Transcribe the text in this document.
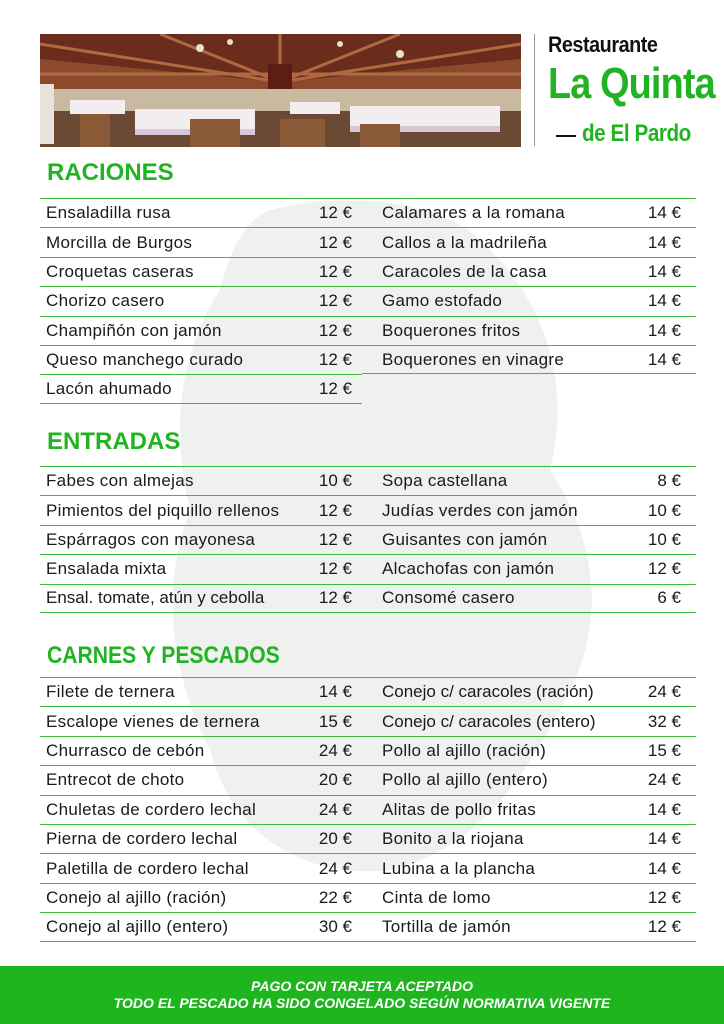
Restaurante
La Quinta
de El Pardo
RACIONES
Ensaladilla rusa	12 €
Morcilla de Burgos	12 €
Croquetas caseras	12 €
Chorizo casero	12 €
Champiñón con jamón	12 €
Queso manchego curado	12 €
Lacón ahumado	12 €
Calamares a la romana	14 €
Callos a la madrileña	14 €
Caracoles de la casa	14 €
Gamo estofado	14 €
Boquerones fritos	14 €
Boquerones en vinagre	14 €
ENTRADAS
Fabes con almejas	10 €
Pimientos del piquillo rellenos	12 €
Espárragos con mayonesa	12 €
Ensalada mixta	12 €
Ensal. tomate, atún y cebolla	12 €
Sopa castellana	8 €
Judías verdes con jamón	10 €
Guisantes con jamón	10 €
Alcachofas con jamón	12 €
Consomé casero	6 €
CARNES Y PESCADOS
Filete de ternera	14 €
Escalope vienes de ternera	15 €
Churrasco de cebón	24 €
Entrecot de choto	20 €
Chuletas de cordero lechal	24 €
Pierna de cordero lechal	20 €
Paletilla de cordero lechal	24 €
Conejo al ajillo (ración)	22 €
Conejo al ajillo (entero)	30 €
Conejo c/ caracoles (ración)	24 €
Conejo c/ caracoles (entero)	32 €
Pollo al ajillo (ración)	15 €
Pollo al ajillo (entero)	24 €
Alitas de pollo fritas	14 €
Bonito a la riojana	14 €
Lubina a la plancha	14 €
Cinta de lomo	12 €
Tortilla de jamón	12 €
PAGO CON TARJETA ACEPTADO
TODO EL PESCADO HA SIDO CONGELADO SEGÚN NORMATIVA VIGENTE
